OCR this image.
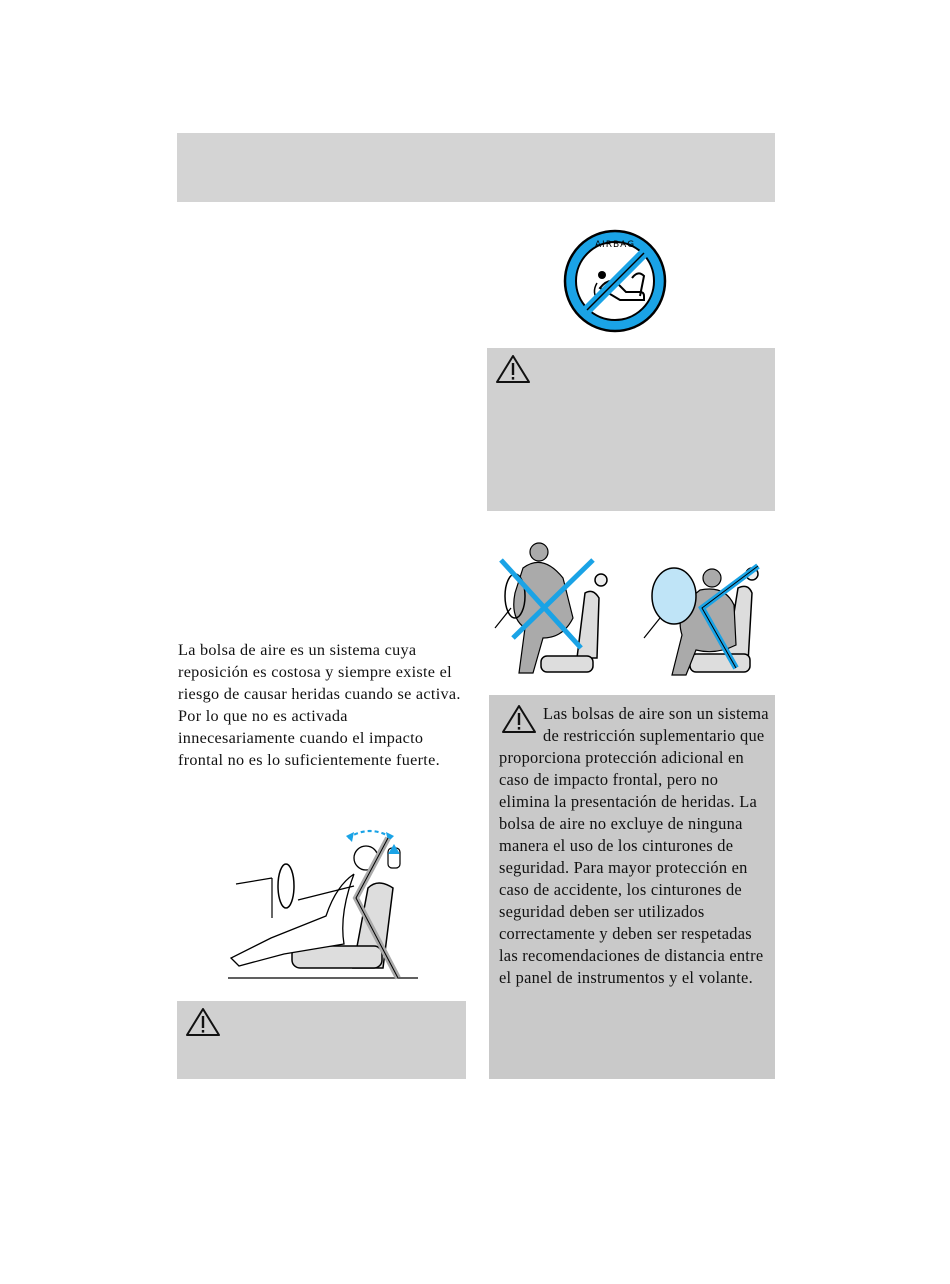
AIRBAG
La bolsa de aire es un sistema cuya reposición es costosa y siempre existe el riesgo de causar heridas cuando se activa. Por lo que no es activada innecesariamente cuando el impacto frontal no es lo suficientemente fuerte.
Las bolsas de aire son un sistema de restricción suplementario que proporciona protección adicional en caso de impacto frontal, pero no elimina la presentación de heridas. La bolsa de aire no excluye de ninguna manera el uso de los cinturones de seguridad. Para mayor protección en caso de accidente, los cinturones de seguridad deben ser utilizados correctamente y deben ser respetadas las recomendaciones de distancia entre el panel de instrumentos y el volante.
